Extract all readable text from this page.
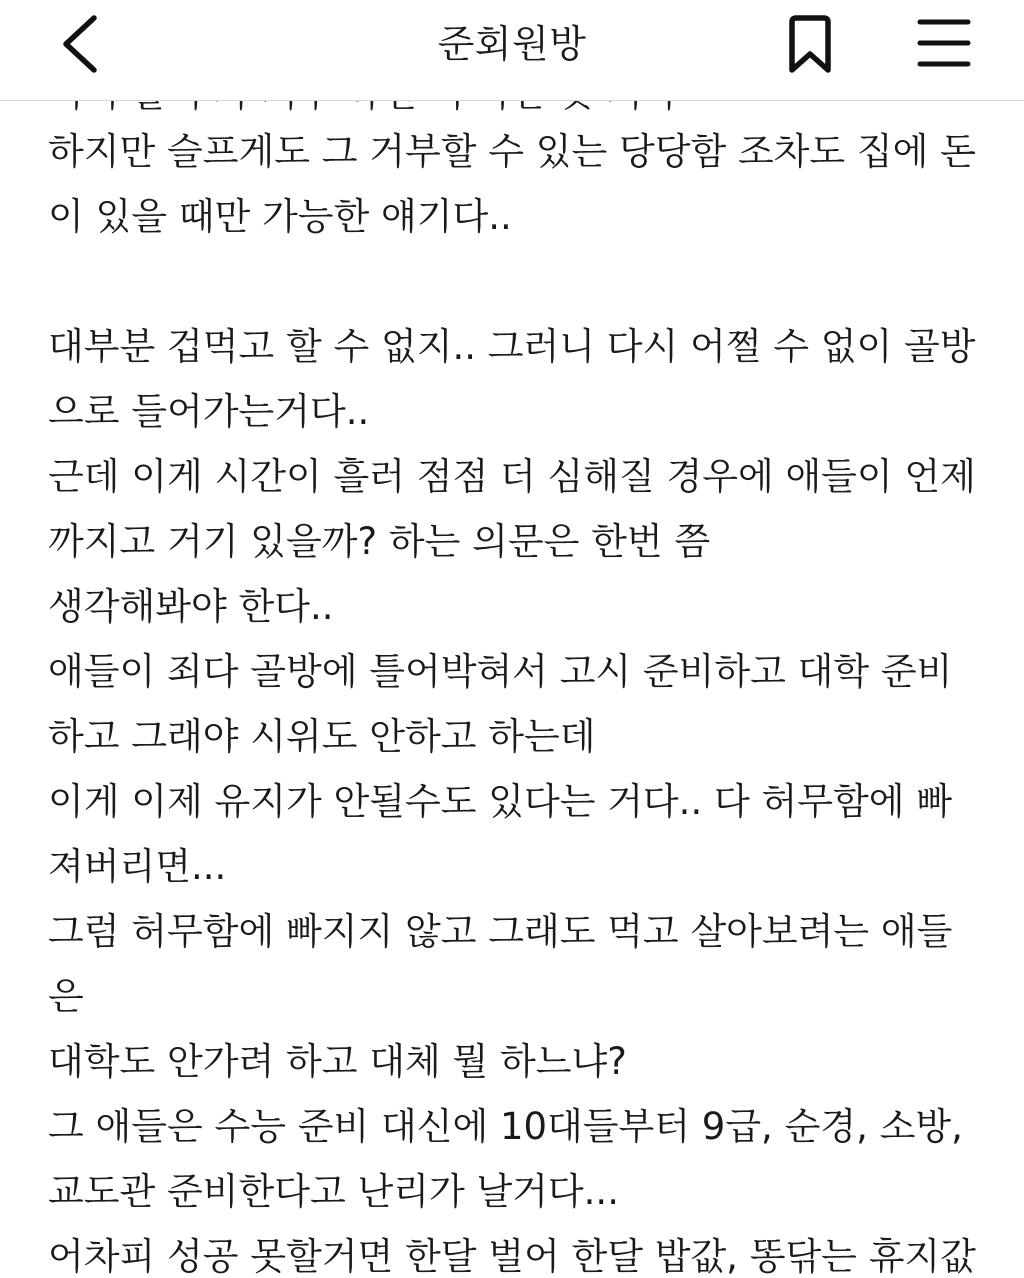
준회원방
하지만 슬프게도 그 거부할 수 있는 당당함 조차도 집에 돈
이 있을 때만 가능한 얘기다..
대부분 겁먹고 할 수 없지.. 그러니 다시 어쩔 수 없이 골방
으로 들어가는거다..
근데 이게 시간이 흘러 점점 더 심해질 경우에 애들이 언제
까지고 거기 있을까? 하는 의문은 한번 쯤
생각해봐야 한다..
애들이 죄다 골방에 틀어박혀서 고시 준비하고 대학 준비
하고 그래야 시위도 안하고 하는데
이게 이제 유지가 안될수도 있다는 거다.. 다 허무함에 빠
져버리면...
그럼 허무함에 빠지지 않고 그래도 먹고 살아보려는 애들
은
대학도 안가려 하고 대체 뭘 하느냐?
그 애들은 수능 준비 대신에 10대들부터 9급, 순경, 소방,
교도관 준비한다고 난리가 날거다...
어차피 성공 못할거면 한달 벌어 한달 밥값, 똥닦는 휴지값
